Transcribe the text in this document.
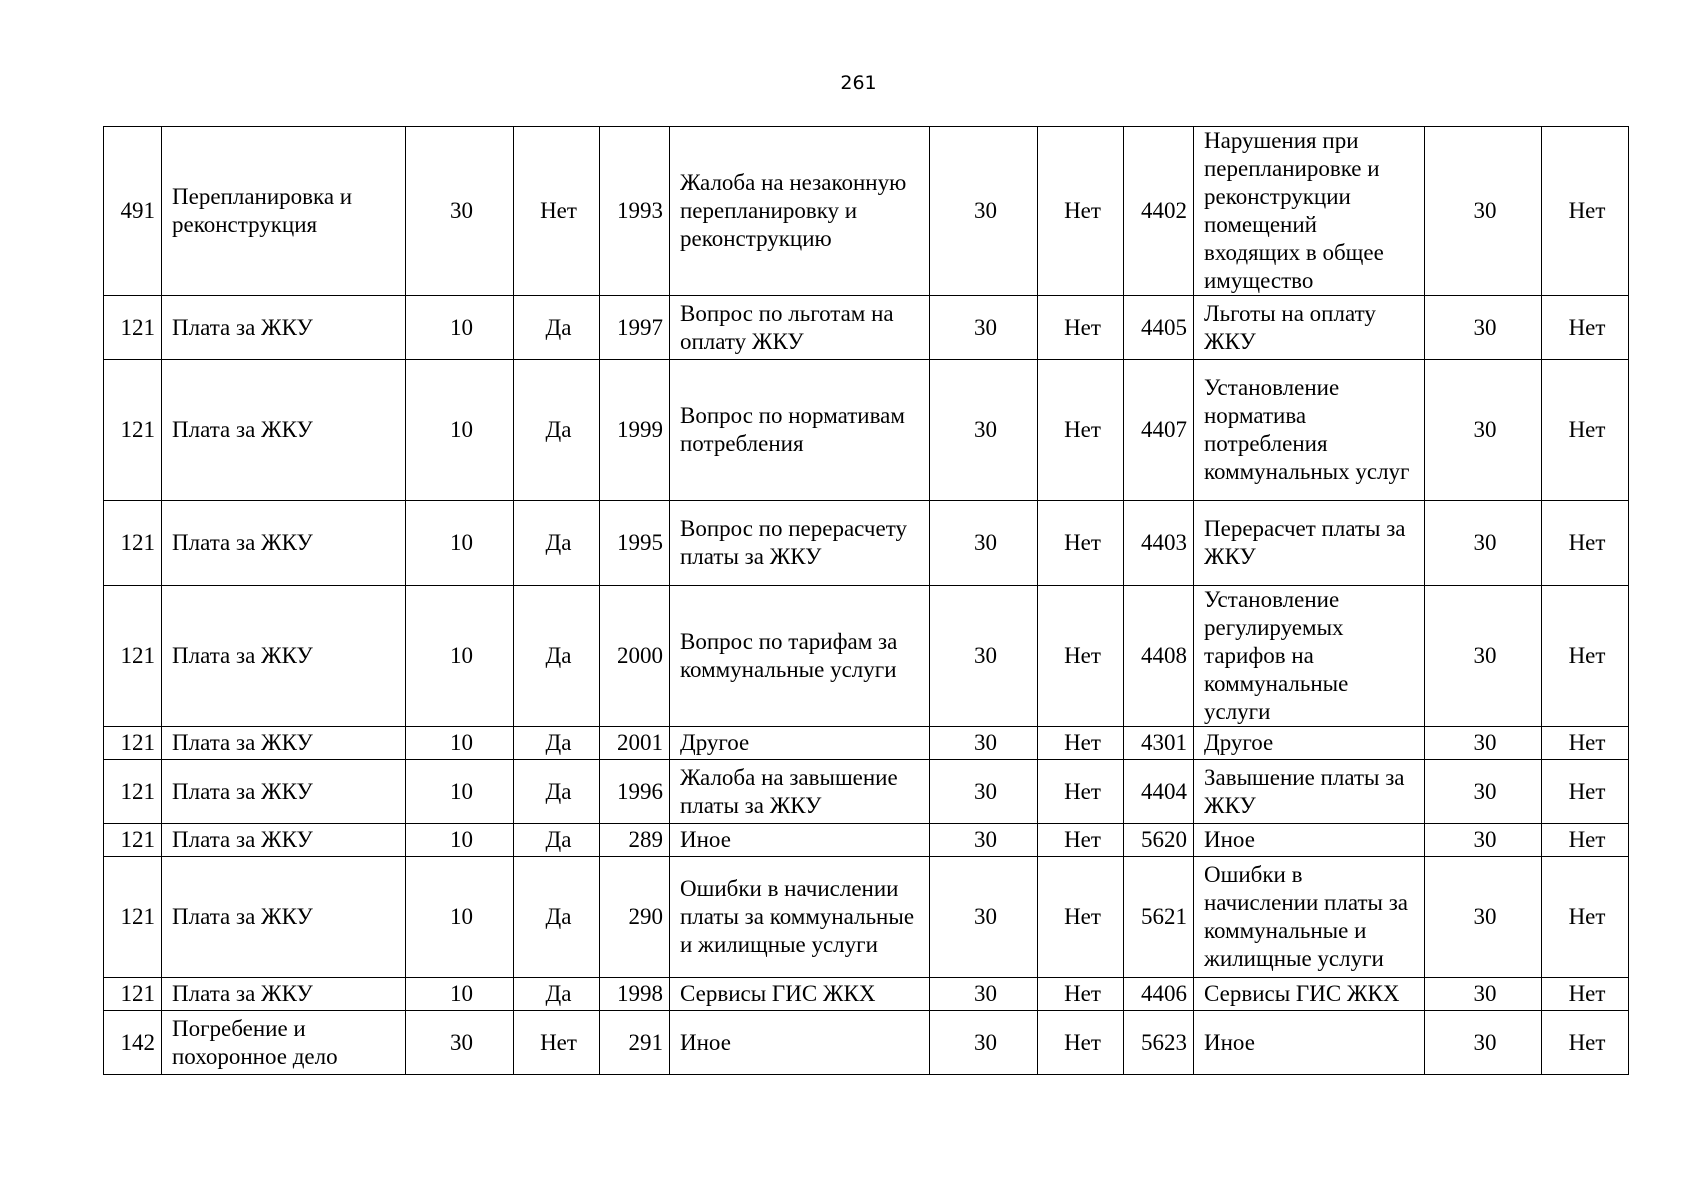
261
491	Перепланировка и реконструкция	30	Нет	1993	Жалоба на незаконную перепланировку и реконструкцию	30	Нет	4402	Нарушения при перепланировке и реконструкции помещений входящих в общее имущество	30	Нет
121	Плата за ЖКУ	10	Да	1997	Вопрос по льготам на оплату ЖКУ	30	Нет	4405	Льготы на оплату ЖКУ	30	Нет
121	Плата за ЖКУ	10	Да	1999	Вопрос по нормативам потребления	30	Нет	4407	Установление норматива потребления коммунальных услуг	30	Нет
121	Плата за ЖКУ	10	Да	1995	Вопрос по перерасчету платы за ЖКУ	30	Нет	4403	Перерасчет платы за ЖКУ	30	Нет
121	Плата за ЖКУ	10	Да	2000	Вопрос по тарифам за коммунальные услуги	30	Нет	4408	Установление регулируемых тарифов на коммунальные услуги	30	Нет
121	Плата за ЖКУ	10	Да	2001	Другое	30	Нет	4301	Другое	30	Нет
121	Плата за ЖКУ	10	Да	1996	Жалоба на завышение платы за ЖКУ	30	Нет	4404	Завышение платы за ЖКУ	30	Нет
121	Плата за ЖКУ	10	Да	289	Иное	30	Нет	5620	Иное	30	Нет
121	Плата за ЖКУ	10	Да	290	Ошибки в начислении платы за коммунальные и жилищные услуги	30	Нет	5621	Ошибки в начислении платы за коммунальные и жилищные услуги	30	Нет
121	Плата за ЖКУ	10	Да	1998	Сервисы ГИС ЖКХ	30	Нет	4406	Сервисы ГИС ЖКХ	30	Нет
142	Погребение и похоронное дело	30	Нет	291	Иное	30	Нет	5623	Иное	30	Нет
